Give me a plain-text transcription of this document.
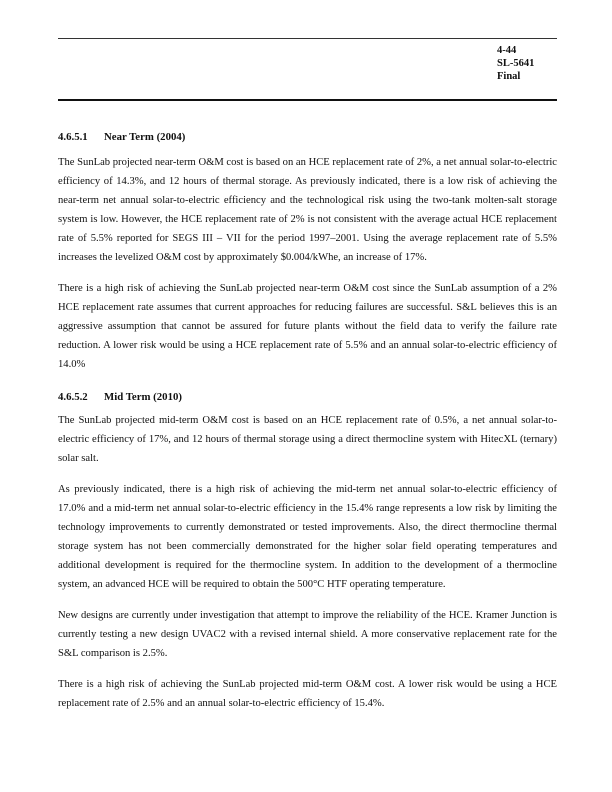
4-44
SL-5641
Final
4.6.5.1 Near Term (2004)

The SunLab projected near-term O&M cost is based on an HCE replacement rate of 2%, a net annual solar-to-electric efficiency of 14.3%, and 12 hours of thermal storage. As previously indicated, there is a low risk of achieving the near-term net annual solar-to-electric efficiency and the technological risk using the two-tank molten-salt storage system is low. However, the HCE replacement rate of 2% is not consistent with the average actual HCE replacement rate of 5.5% reported for SEGS III – VII for the period 1997–2001. Using the average replacement rate of 5.5% increases the levelized O&M cost by approximately $0.004/kWhe, an increase of 17%.

There is a high risk of achieving the SunLab projected near-term O&M cost since the SunLab assumption of a 2% HCE replacement rate assumes that current approaches for reducing failures are successful. S&L believes this is an aggressive assumption that cannot be assured for future plants without the field data to verify the failure rate reduction. A lower risk would be using a HCE replacement rate of 5.5% and an annual solar-to-electric efficiency of 14.0%

4.6.5.2 Mid Term (2010)

The SunLab projected mid-term O&M cost is based on an HCE replacement rate of 0.5%, a net annual solar-to-electric efficiency of 17%, and 12 hours of thermal storage using a direct thermocline system with HitecXL (ternary) solar salt.

As previously indicated, there is a high risk of achieving the mid-term net annual solar-to-electric efficiency of 17.0% and a mid-term net annual solar-to-electric efficiency in the 15.4% range represents a low risk by limiting the technology improvements to currently demonstrated or tested improvements. Also, the direct thermocline thermal storage system has not been commercially demonstrated for the higher solar field operating temperatures and additional development is required for the thermocline system. In addition to the development of a thermocline system, an advanced HCE will be required to obtain the 500°C HTF operating temperature.

New designs are currently under investigation that attempt to improve the reliability of the HCE. Kramer Junction is currently testing a new design UVAC2 with a revised internal shield. A more conservative replacement rate for the S&L comparison is 2.5%.

There is a high risk of achieving the SunLab projected mid-term O&M cost. A lower risk would be using a HCE replacement rate of 2.5% and an annual solar-to-electric efficiency of 15.4%.
